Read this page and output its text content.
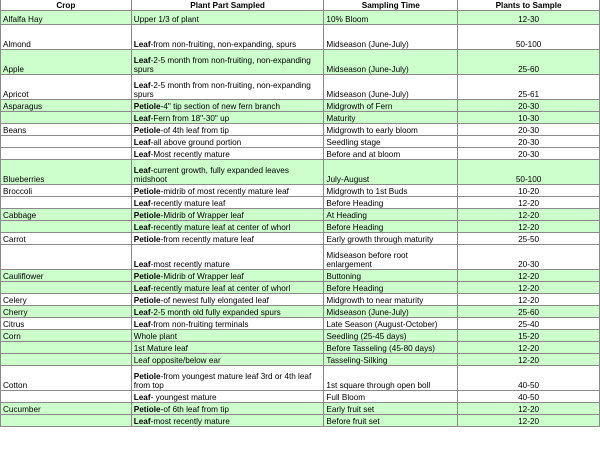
Crop	Plant Part Sampled	Sampling Time	Plants to Sample
Alfalfa Hay	Upper 1/3 of plant	10% Bloom	12-30
Almond	Leaf-from non-fruiting, non-expanding, spurs	Midseason (June-July)	50-100
Apple	Leaf-2-5 month from non-fruiting, non-expanding spurs	Midseason (June-July)	25-60
Apricot	Leaf-2-5 month from non-fruiting, non-expanding spurs	Midseason (June-July)	25-61
Asparagus	Petiole-4" tip section of new fern branch	Midgrowth of Fern	20-30
	Leaf-Fern from 18"-30" up	Maturity	10-30
Beans	Petiole-of 4th leaf from tip	Midgrowth to early bloom	20-30
	Leaf-all above ground portion	Seedling stage	20-30
	Leaf-Most recently mature	Before and at bloom	20-30
Blueberries	Leaf-current growth, fully expanded leaves midshoot	July-August	50-100
Broccoli	Petiole-midrib of most recently mature leaf	Midgrowth to 1st Buds	10-20
	Leaf-recently mature leaf	Before Heading	12-20
Cabbage	Petiole-Midrib of Wrapper leaf	At Heading	12-20
	Leaf-recently mature leaf at center of whorl	Before Heading	12-20
Carrot	Petiole-from recently mature leaf	Early growth through maturity	25-50
	Leaf-most recently mature	Midseason before root enlargement	20-30
Cauliflower	Petiole-Midrib of Wrapper leaf	Buttoning	12-20
	Leaf-recently mature leaf at center of whorl	Before Heading	12-20
Celery	Petiole-of newest fully elongated leaf	Midgrowth to near maturity	12-20
Cherry	Leaf-2-5 month old fully expanded spurs	Midseason (June-July)	25-60
Citrus	Leaf-from non-fruiting terminals	Late Season (August-October)	25-40
Corn	Whole plant	Seedling (25-45 days)	15-20
	1st Mature leaf	Before Tasseling (45-80 days)	12-20
	Leaf opposite/below ear	Tasseling-Silking	12-20
Cotton	Petiole-from youngest mature leaf 3rd or 4th leaf from top	1st square through open boll	40-50
	Leaf- youngest mature	Full Bloom	40-50
Cucumber	Petiole-of 6th leaf from tip	Early fruit set	12-20
	Leaf-most recently mature	Before fruit set	12-20
